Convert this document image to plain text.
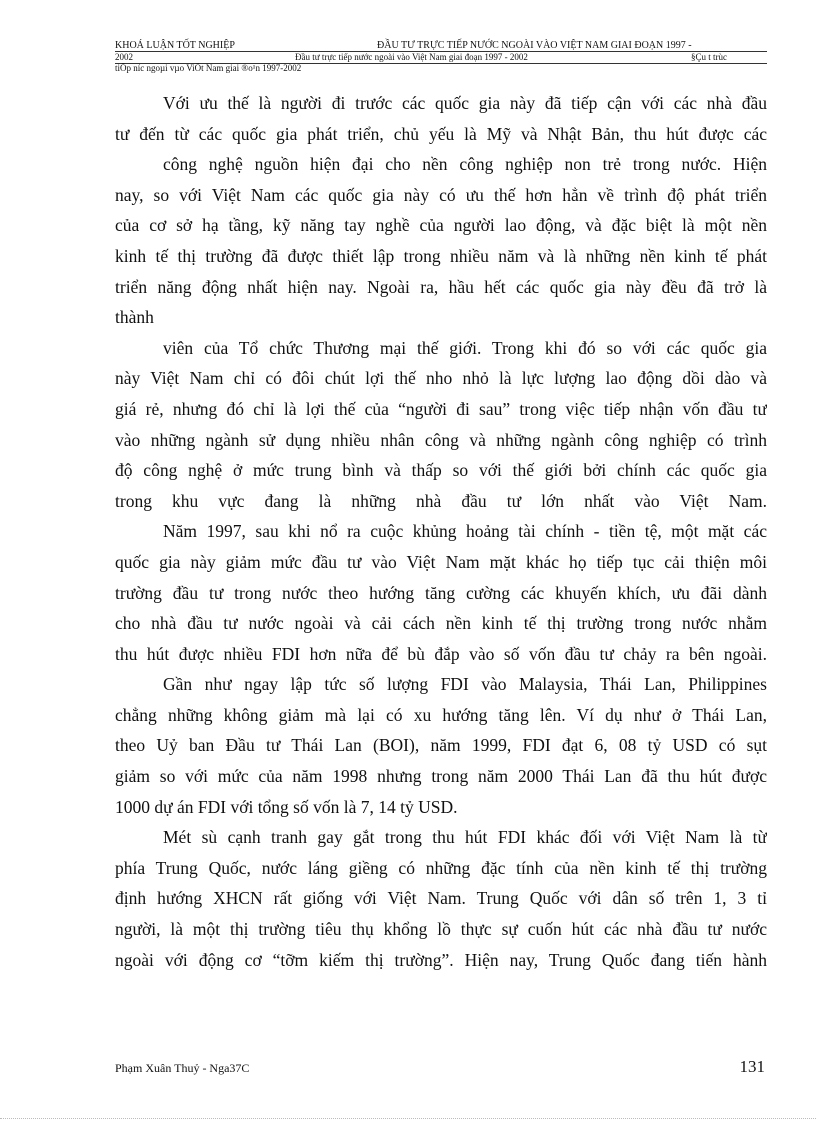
KHOÁ LUẬN TỐT NGHIỆP	ĐẦU TƯ TRỰC TIẾP NƯỚC NGOÀI VÀO VIỆT NAM GIAI ĐOẠN 1997 -
2002	Đầu tư trực tiếp nước ngoài vào Việt Nam giai đoạn 1997 - 2002	§Çu t trùc
tiÕp níc ngoµi vµo ViÖt Nam giai ®o¹n 1997-2002
Với ưu thế là người đi trước các quốc gia này đã tiếp cận với các nhà đầu
tư đến từ các quốc gia phát triển, chủ yếu là Mỹ và Nhật Bản, thu hút được các
công nghệ nguồn hiện đại cho nền công nghiệp non trẻ trong nước. Hiện
nay, so với Việt Nam các quốc gia này có ưu thế hơn hẳn về trình độ phát triển
của cơ sở hạ tầng, kỹ năng tay nghề của người lao động, và đặc biệt là một nền
kinh tế thị trường đã được thiết lập trong nhiều năm và là những nền kinh tế phát
triển năng động nhất hiện nay. Ngoài ra, hầu hết các quốc gia này đều đã trở là
thành
viên của Tổ chức Thương mại thế giới. Trong khi đó so với các quốc gia
này Việt Nam chỉ có đôi chút lợi thế nho nhỏ là lực lượng lao động dồi dào và
giá rẻ, nhưng đó chỉ là lợi thế của “người đi sau” trong việc tiếp nhận vốn đầu tư
vào những ngành sử dụng nhiều nhân công và những ngành công nghiệp có trình
độ công nghệ ở mức trung bình và thấp so với thế giới bởi chính các quốc gia
trong khu vực đang là những nhà đầu tư lớn nhất vào Việt Nam.
Năm 1997, sau khi nổ ra cuộc khủng hoảng tài chính - tiền tệ, một mặt các
quốc gia này giảm mức đầu tư vào Việt Nam mặt khác họ tiếp tục cải thiện môi
trường đầu tư trong nước theo hướng tăng cường các khuyến khích, ưu đãi dành
cho nhà đầu tư nước ngoài và cải cách nền kinh tế thị trường trong nước nhằm
thu hút được nhiều FDI hơn nữa để bù đắp vào số vốn đầu tư chảy ra bên ngoài.
Gần như ngay lập tức số lượng FDI vào Malaysia, Thái Lan, Philippines
chẳng những không giảm mà lại có xu hướng tăng lên. Ví dụ như ở Thái Lan,
theo Uỷ ban Đầu tư Thái Lan (BOI), năm 1999, FDI đạt 6, 08 tỷ USD có sụt
giảm so với mức của năm 1998 nhưng trong năm 2000 Thái Lan đã thu hút được
1000 dự án FDI với tổng số vốn là 7, 14 tỷ USD.
Mét sù cạnh tranh gay gắt trong thu hút FDI khác đối với Việt Nam là từ
phía Trung Quốc, nước láng giềng có những đặc tính của nền kinh tế thị trường
định hướng XHCN rất giống với Việt Nam. Trung Quốc với dân số trên 1, 3 tỉ
người, là một thị trường tiêu thụ khổng lồ thực sự cuốn hút các nhà đầu tư nước
ngoài với động cơ “tỡm kiếm thị trường”. Hiện nay, Trung Quốc đang tiến hành
Phạm Xuân Thuỷ - Nga37C	131
